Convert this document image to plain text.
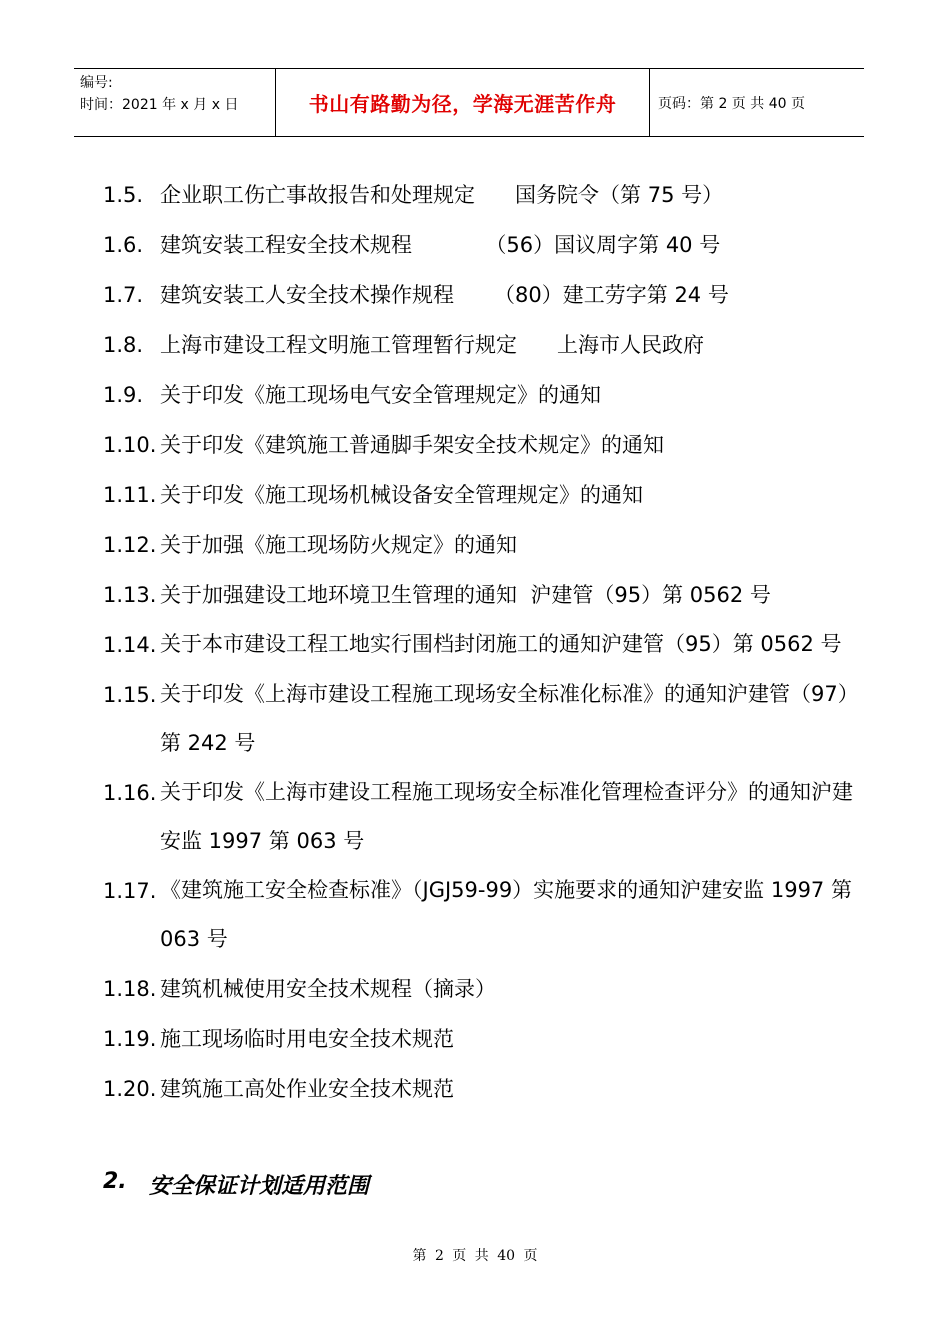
编号:
时间：2021 年 x 月 x 日	书山有路勤为径，学海无涯苦作舟	页码：第 2 页 共 40 页
1.5. 企业职工伤亡事故报告和处理规定      国务院令（第 75 号）
1.6. 建筑安装工程安全技术规程           （56）国议周字第 40 号
1.7. 建筑安装工人安全技术操作规程      （80）建工劳字第 24 号
1.8. 上海市建设工程文明施工管理暂行规定      上海市人民政府
1.9. 关于印发《施工现场电气安全管理规定》的通知
1.10. 关于印发《建筑施工普通脚手架安全技术规定》的通知
1.11. 关于印发《施工现场机械设备安全管理规定》的通知
1.12. 关于加强《施工现场防火规定》的通知
1.13. 关于加强建设工地环境卫生管理的通知  沪建管（95）第 0562 号
1.14. 关于本市建设工程工地实行围档封闭施工的通知沪建管（95）第 0562 号
1.15. 关于印发《上海市建设工程施工现场安全标准化标准》的通知沪建管（97）第 242 号
1.16. 关于印发《上海市建设工程施工现场安全标准化管理检查评分》的通知沪建安监 1997 第 063 号
1.17. 《建筑施工安全检查标准》（JGJ59-99）实施要求的通知沪建安监 1997 第 063 号
1.18. 建筑机械使用安全技术规程（摘录）
1.19. 施工现场临时用电安全技术规范
1.20. 建筑施工高处作业安全技术规范
2.	安全保证计划适用范围
第 2 页 共 40 页
